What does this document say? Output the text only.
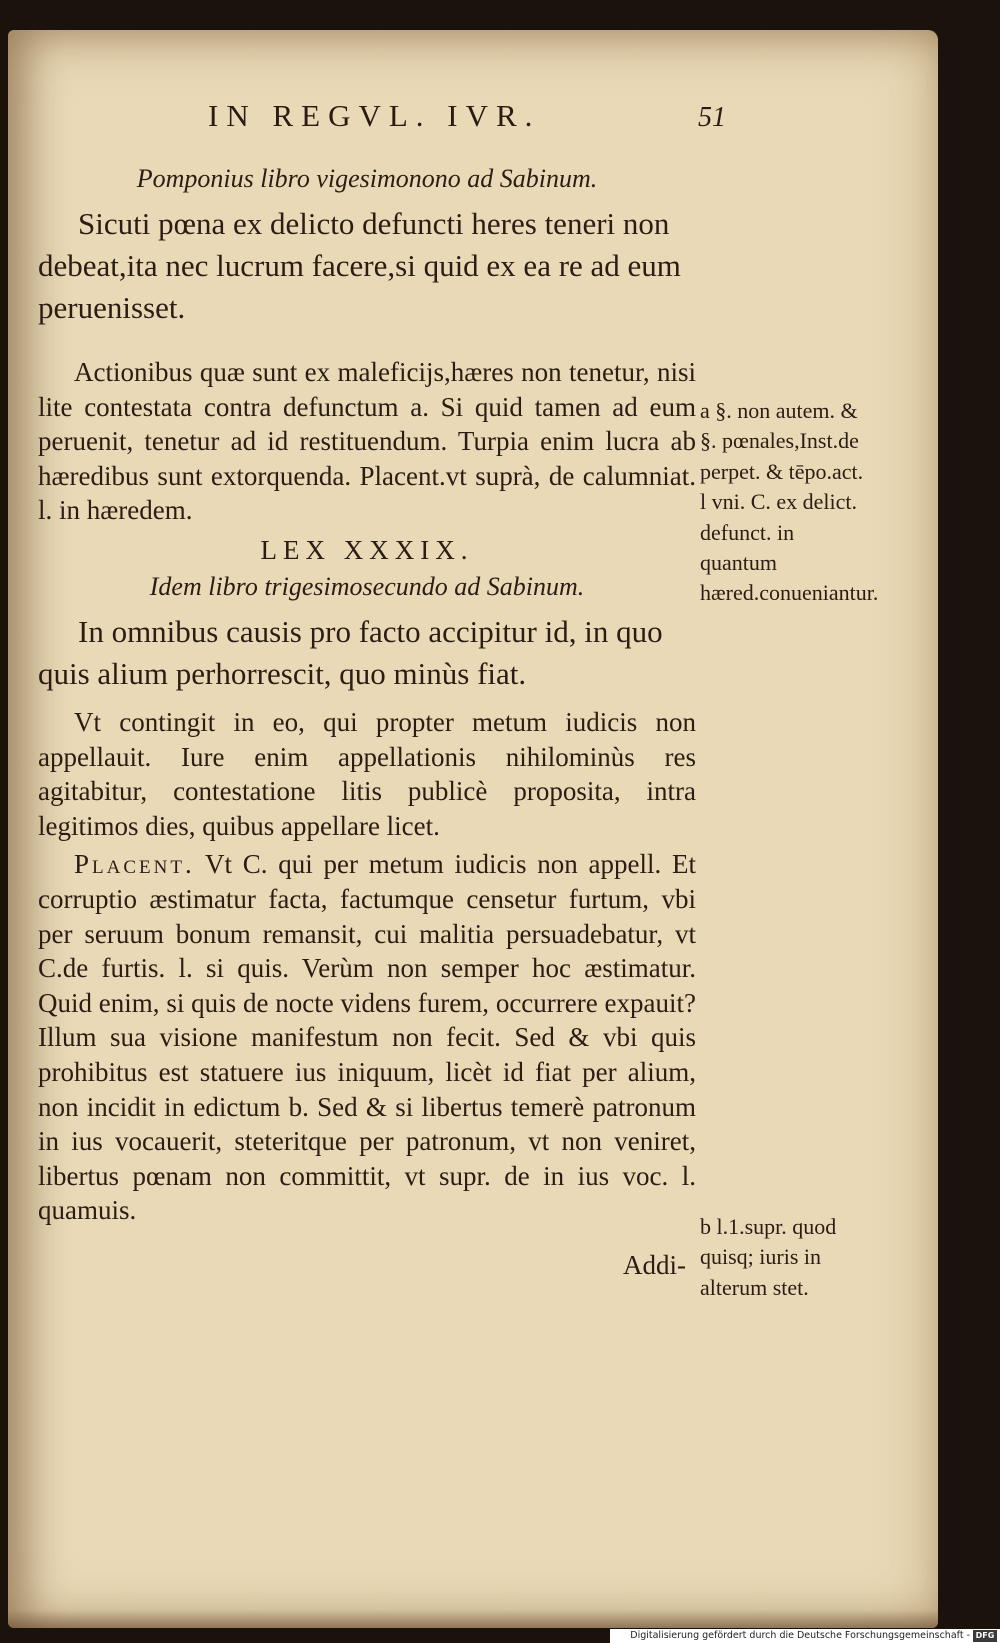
IN REGVL. IVR.	51

Pomponius libro vigesimonono ad Sabinum.

Sicuti pœna ex delicto defuncti heres teneri non debeat,ita nec lucrum facere,si quid ex ea re ad eum peruenisset.

Actionibus quæ sunt ex maleficijs,hæres non tenetur, nisi lite contestata contra defunctum a. Si quid tamen ad eum peruenit, tenetur ad id restituendum. Turpia enim lucra ab hæredibus sunt extorquenda. Placent.vt suprà, de calumniat. l. in hæredem.

LEX XXXIX.

Idem libro trigesimosecundo ad Sabinum.

In omnibus causis pro facto accipitur id, in quo quis alium perhorrescit, quo minùs fiat.

Vt contingit in eo, qui propter metum iudicis non appellauit. Iure enim appellationis nihilominùs res agitabitur, contestatione litis publicè proposita, intra legitimos dies, quibus appellare licet.

Placent. Vt C. qui per metum iudicis non appell. Et corruptio æstimatur facta, factumque censetur furtum, vbi per seruum bonum remansit, cui malitia persuadebatur, vt C.de furtis. l. si quis. Verùm non semper hoc æstimatur. Quid enim, si quis de nocte videns furem, occurrere expauit? Illum sua visione manifestum non fecit. Sed & vbi quis prohibitus est statuere ius iniquum, licèt id fiat per alium, non incidit in edictum b. Sed & si libertus temerè patronum in ius vocauerit, steteritque per patronum, vt non veniret, libertus pœnam non committit, vt supr. de in ius voc. l. quamuis.

Addi-
a §. non autem. & §. pœnales,Inst.de perpet. & tēpo.act. l vni. C. ex delict. defunct. in quantum hæred.conueniantur.
b l.1.supr. quod quisq; iuris in alterum stet.
Digitalisierung gefördert durch die Deutsche Forschungsgemeinschaft - DFG
